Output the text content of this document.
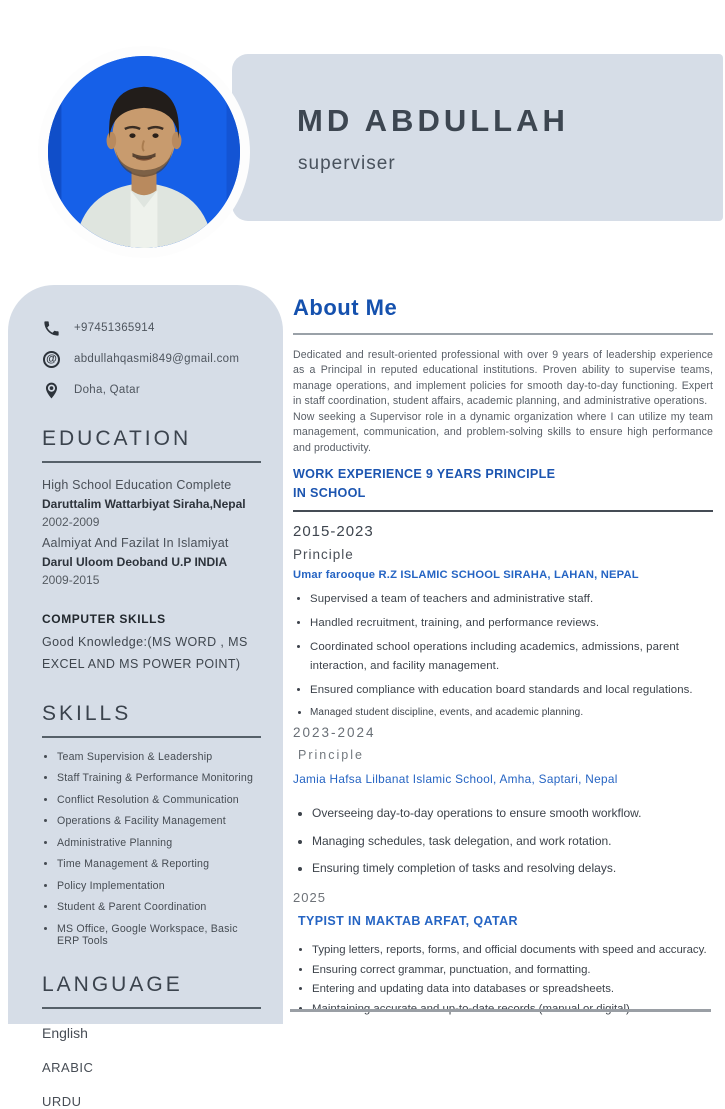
MD ABDULLAH
superviser
+97451365914
@ abdullahqasmi849@gmail.com
Doha, Qatar
EDUCATION
High School Education Complete
Daruttalim Wattarbiyat Siraha,Nepal
2002-2009
Aalmiyat And Fazilat In Islamiyat
Darul Uloom Deoband U.P INDIA
2009-2015
COMPUTER SKILLS
Good Knowledge:(MS WORD , MS EXCEL AND MS POWER POINT)
SKILLS
• Team Supervision & Leadership
• Staff Training & Performance Monitoring
• Conflict Resolution & Communication
• Operations & Facility Management
• Administrative Planning
• Time Management & Reporting
• Policy Implementation
• Student & Parent Coordination
• MS Office, Google Workspace, Basic ERP Tools
LANGUAGE
English
ARABIC
URDU
About Me

Dedicated and result-oriented professional with over 9 years of leadership experience as a Principal in reputed educational institutions. Proven ability to supervise teams, manage operations, and implement policies for smooth day-to-day functioning. Expert in staff coordination, student affairs, academic planning, and administrative operations.

Now seeking a Supervisor role in a dynamic organization where I can utilize my team management, communication, and problem-solving skills to ensure high performance and productivity.

WORK EXPERIENCE 9 YEARS PRINCIPLE
IN SCHOOL
2015-2023
Principle
Umar farooque R.Z ISLAMIC SCHOOL SIRAHA, LAHAN, NEPAL
• Supervised a team of teachers and administrative staff.
• Handled recruitment, training, and performance reviews.
• Coordinated school operations including academics, admissions, parent interaction, and facility management.
• Ensured compliance with education board standards and local regulations.
• Managed student discipline, events, and academic planning.
2023-2024
Principle
Jamia Hafsa Lilbanat Islamic School, Amha, Saptari, Nepal
• Overseeing day-to-day operations to ensure smooth workflow.
• Managing schedules, task delegation, and work rotation.
• Ensuring timely completion of tasks and resolving delays.
2025
TYPIST IN MAKTAB ARFAT, QATAR
• Typing letters, reports, forms, and official documents with speed and accuracy.
• Ensuring correct grammar, punctuation, and formatting.
• Entering and updating data into databases or spreadsheets.
• Maintaining accurate and up-to-date records (manual or digital)
